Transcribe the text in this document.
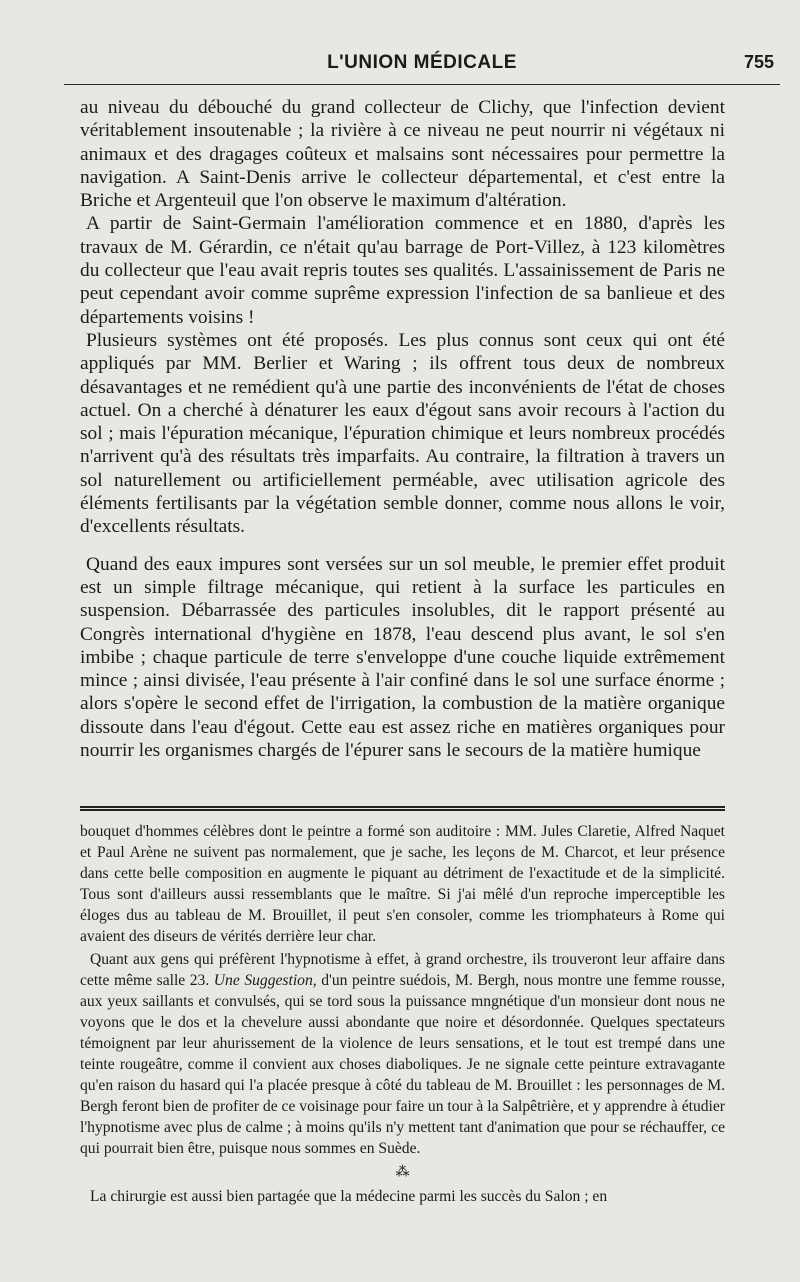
L'UNION MÉDICALE	755

au niveau du débouché du grand collecteur de Clichy, que l'infection devient véritablement insoutenable ; la rivière à ce niveau ne peut nourrir ni végétaux ni animaux et des dragages coûteux et malsains sont nécessaires pour permettre la navigation. A Saint-Denis arrive le collecteur départemental, et c'est entre la Briche et Argenteuil que l'on observe le maximum d'altération.

A partir de Saint-Germain l'amélioration commence et en 1880, d'après les travaux de M. Gérardin, ce n'était qu'au barrage de Port-Villez, à 123 kilomètres du collecteur que l'eau avait repris toutes ses qualités. L'assainissement de Paris ne peut cependant avoir comme suprême expression l'infection de sa banlieue et des départements voisins !

Plusieurs systèmes ont été proposés. Les plus connus sont ceux qui ont été appliqués par MM. Berlier et Waring ; ils offrent tous deux de nombreux désavantages et ne remédient qu'à une partie des inconvénients de l'état de choses actuel. On a cherché à dénaturer les eaux d'égout sans avoir recours à l'action du sol ; mais l'épuration mécanique, l'épuration chimique et leurs nombreux procédés n'arrivent qu'à des résultats très imparfaits. Au contraire, la filtration à travers un sol naturellement ou artificiellement perméable, avec utilisation agricole des éléments fertilisants par la végétation semble donner, comme nous allons le voir, d'excellents résultats.

Quand des eaux impures sont versées sur un sol meuble, le premier effet produit est un simple filtrage mécanique, qui retient à la surface les particules en suspension. Débarrassée des particules insolubles, dit le rapport présenté au Congrès international d'hygiène en 1878, l'eau descend plus avant, le sol s'en imbibe ; chaque particule de terre s'enveloppe d'une couche liquide extrêmement mince ; ainsi divisée, l'eau présente à l'air confiné dans le sol une surface énorme ; alors s'opère le second effet de l'irrigation, la combustion de la matière organique dissoute dans l'eau d'égout. Cette eau est assez riche en matières organiques pour nourrir les organismes chargés de l'épurer sans le secours de la matière humique

bouquet d'hommes célèbres dont le peintre a formé son auditoire : MM. Jules Claretie, Alfred Naquet et Paul Arène ne suivent pas normalement, que je sache, les leçons de M. Charcot, et leur présence dans cette belle composition en augmente le piquant au détriment de l'exactitude et de la simplicité. Tous sont d'ailleurs aussi ressemblants que le maître. Si j'ai mêlé d'un reproche imperceptible les éloges dus au tableau de M. Brouillet, il peut s'en consoler, comme les triomphateurs à Rome qui avaient des diseurs de vérités derrière leur char.

Quant aux gens qui préfèrent l'hypnotisme à effet, à grand orchestre, ils trouveront leur affaire dans cette même salle 23. Une Suggestion, d'un peintre suédois, M. Bergh, nous montre une femme rousse, aux yeux saillants et convulsés, qui se tord sous la puissance mngnétique d'un monsieur dont nous ne voyons que le dos et la chevelure aussi abondante que noire et désordonnée. Quelques spectateurs témoignent par leur ahurissement de la violence de leurs sensations, et le tout est trempé dans une teinte rougeâtre, comme il convient aux choses diaboliques. Je ne signale cette peinture extravagante qu'en raison du hasard qui l'a placée presque à côté du tableau de M. Brouillet : les personnages de M. Bergh feront bien de profiter de ce voisinage pour faire un tour à la Salpêtrière, et y apprendre à étudier l'hypnotisme avec plus de calme ; à moins qu'ils n'y mettent tant d'animation que pour se réchauffer, ce qui pourrait bien être, puisque nous sommes en Suède.

⁂

La chirurgie est aussi bien partagée que la médecine parmi les succès du Salon ; en
